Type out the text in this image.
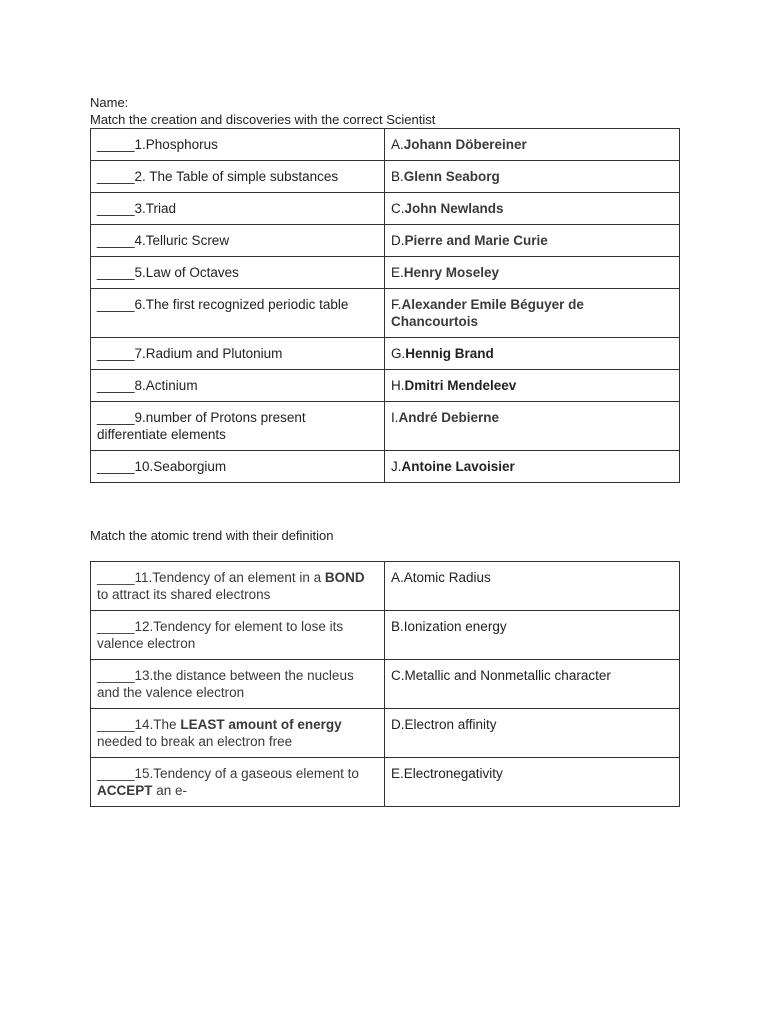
Name:
Match the creation and discoveries with the correct Scientist
_____1.Phosphorus	A.Johann Döbereiner
_____2. The Table of simple substances	B.Glenn Seaborg
_____3.Triad	C.John Newlands
_____4.Telluric Screw	D.Pierre and Marie Curie
_____5.Law of Octaves	E.Henry Moseley
_____6.The first recognized periodic table	F.Alexander Emile Béguyer de Chancourtois
_____7.Radium and Plutonium	G.Hennig Brand
_____8.Actinium	H.Dmitri Mendeleev
_____9.number of Protons present differentiate elements	I.André Debierne
_____10.Seaborgium	J.Antoine Lavoisier
Match the atomic trend with their definition
_____11.Tendency of an element in a BOND to attract its shared electrons	A.Atomic Radius
_____12.Tendency for element to lose its valence electron	B.Ionization energy
_____13.the distance between the nucleus and the valence electron	C.Metallic and Nonmetallic character
_____14.The LEAST amount of energy needed to break an electron free	D.Electron affinity
_____15.Tendency of a gaseous element to ACCEPT an e-	E.Electronegativity
